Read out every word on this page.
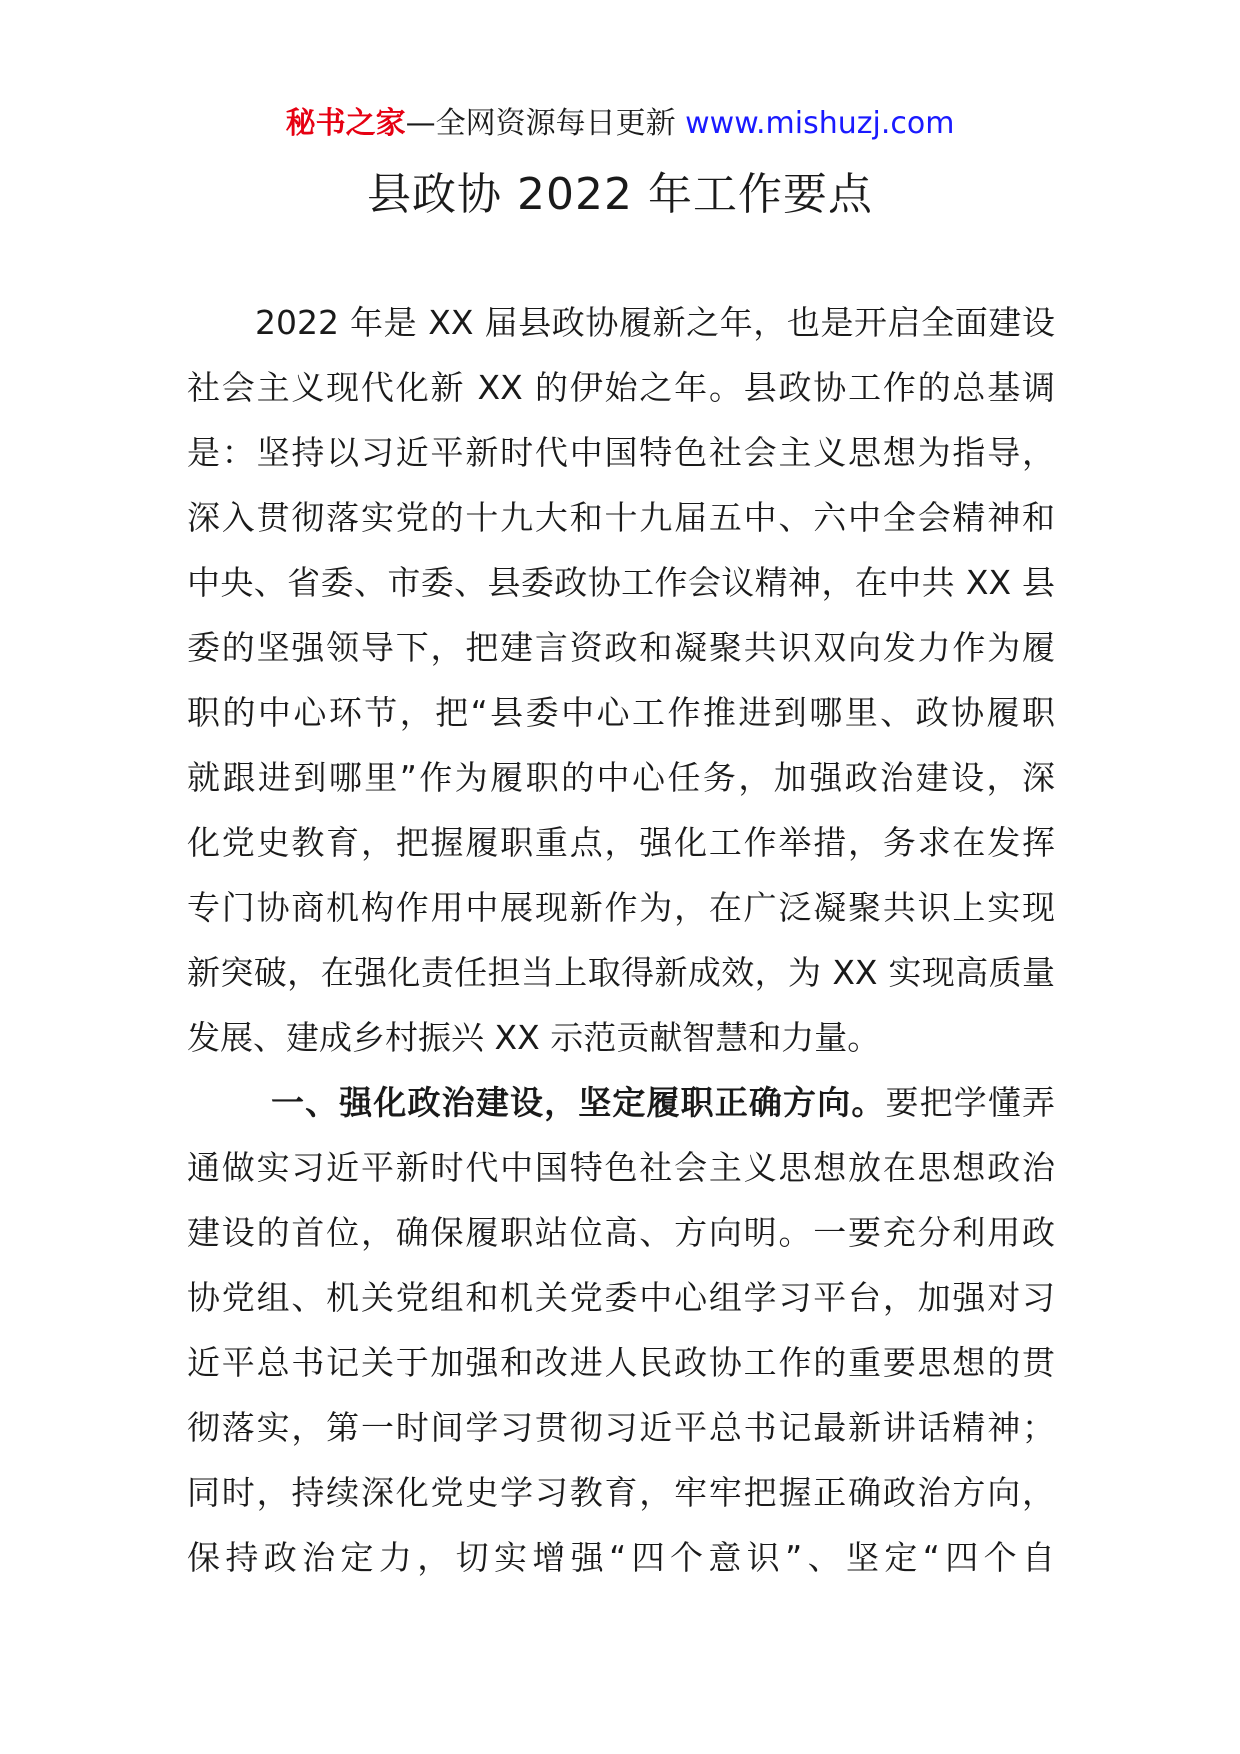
秘书之家—全网资源每日更新 www.mishuzj.com
县政协 2022 年工作要点
2022 年是 XX 届县政协履新之年，也是开启全面建设
社会主义现代化新 XX 的伊始之年。县政协工作的总基调
是：坚持以习近平新时代中国特色社会主义思想为指导，
深入贯彻落实党的十九大和十九届五中、六中全会精神和
中央、省委、市委、县委政协工作会议精神，在中共 XX 县
委的坚强领导下，把建言资政和凝聚共识双向发力作为履
职的中心环节，把“县委中心工作推进到哪里、政协履职
就跟进到哪里”作为履职的中心任务，加强政治建设，深
化党史教育，把握履职重点，强化工作举措，务求在发挥
专门协商机构作用中展现新作为，在广泛凝聚共识上实现
新突破，在强化责任担当上取得新成效，为 XX 实现高质量
发展、建成乡村振兴 XX 示范贡献智慧和力量。
一、强化政治建设，坚定履职正确方向。要把学懂弄
通做实习近平新时代中国特色社会主义思想放在思想政治
建设的首位，确保履职站位高、方向明。一要充分利用政
协党组、机关党组和机关党委中心组学习平台，加强对习
近平总书记关于加强和改进人民政协工作的重要思想的贯
彻落实，第一时间学习贯彻习近平总书记最新讲话精神；
同时，持续深化党史学习教育，牢牢把握正确政治方向，
保持政治定力，切实增强“四个意识”、坚定“四个自
